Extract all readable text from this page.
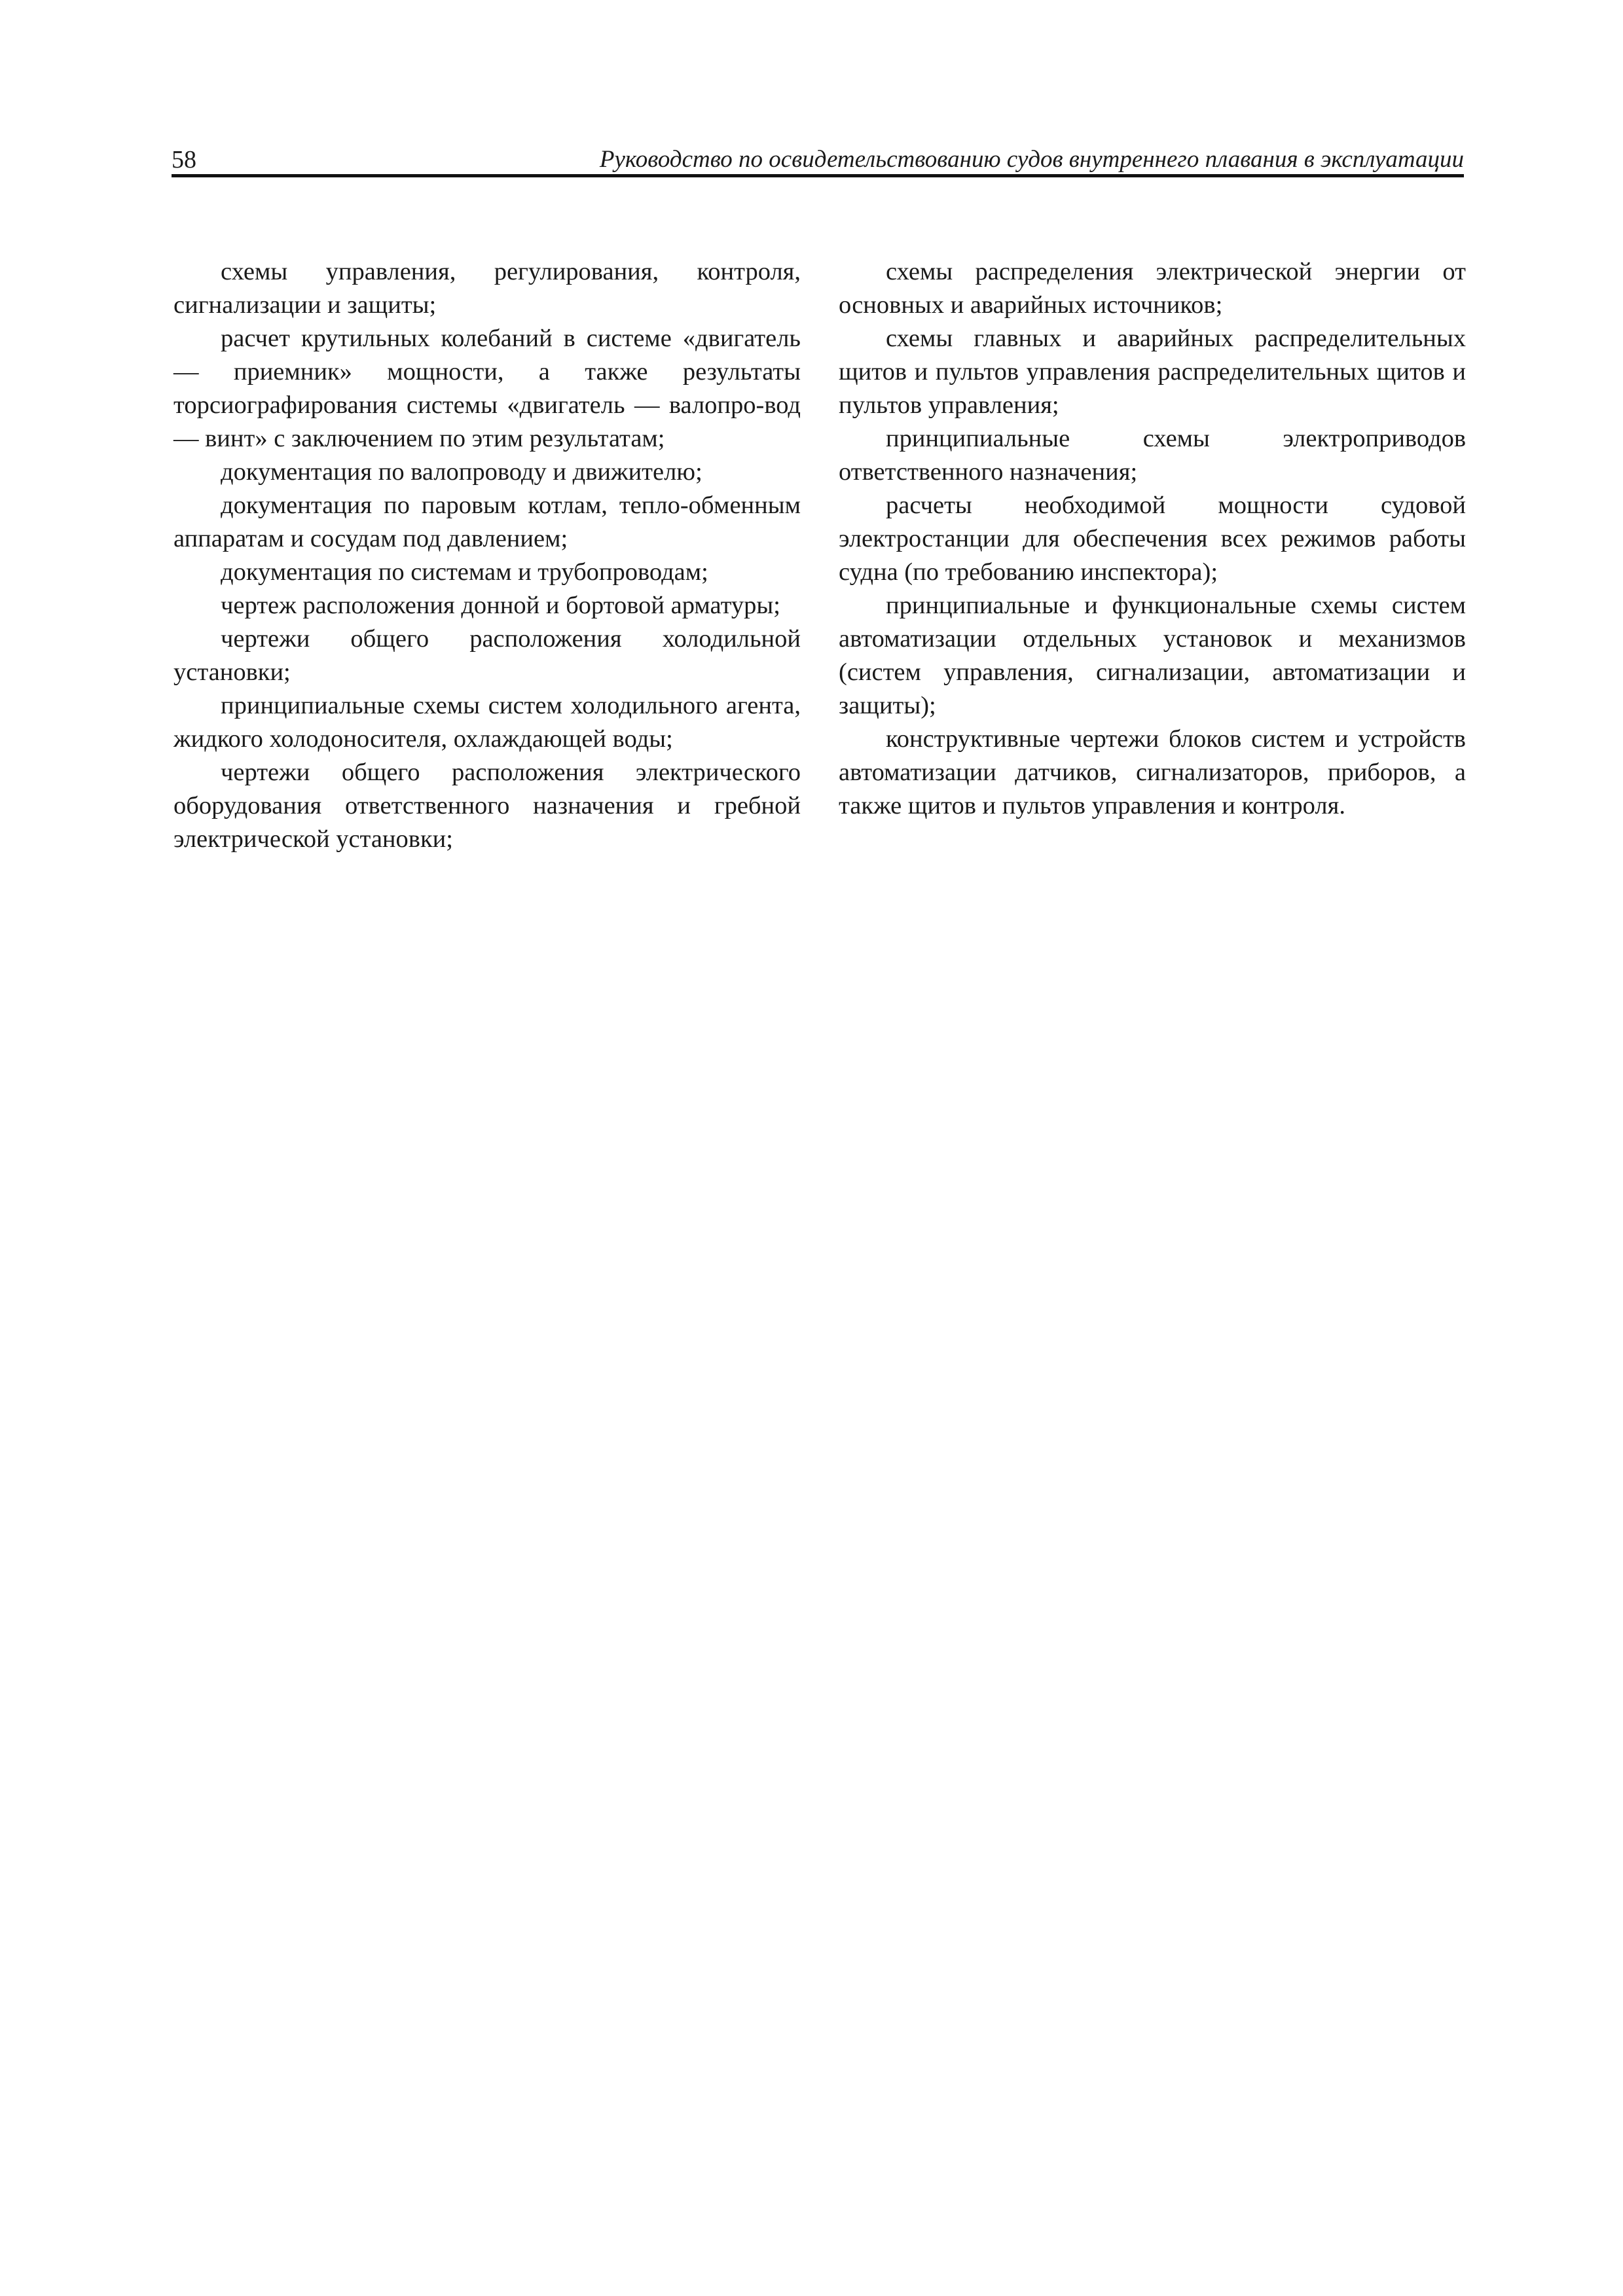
58	Руководство по освидетельствованию судов внутреннего плавания в эксплуатации

схемы управления, регулирования, контроля, сигнализации и защиты;

расчет крутильных колебаний в системе «двигатель — приемник» мощности, а также результаты торсиографирования системы «двигатель — валопро-вод — винт» с заключением по этим результатам;

документация по валопроводу и движителю;

документация по паровым котлам, тепло-обменным аппаратам и сосудам под давлением;

документация по системам и трубопроводам;

чертеж расположения донной и бортовой арматуры;

чертежи общего расположения холодильной установки;

принципиальные схемы систем холодильного агента, жидкого холодоносителя, охлаждающей воды;

чертежи общего расположения электрического оборудования ответственного назначения и гребной электрической установки;

схемы распределения электрической энергии от основных и аварийных источников;

схемы главных и аварийных распределительных щитов и пультов управления распределительных щитов и пультов управления;

принципиальные схемы электроприводов ответственного назначения;

расчеты необходимой мощности судовой электростанции для обеспечения всех режимов работы судна (по требованию инспектора);

принципиальные и функциональные схемы систем автоматизации отдельных установок и механизмов (систем управления, сигнализации, автоматизации и защиты);

конструктивные чертежи блоков систем и устройств автоматизации датчиков, сигнализаторов, приборов, а также щитов и пультов управления и контроля.
